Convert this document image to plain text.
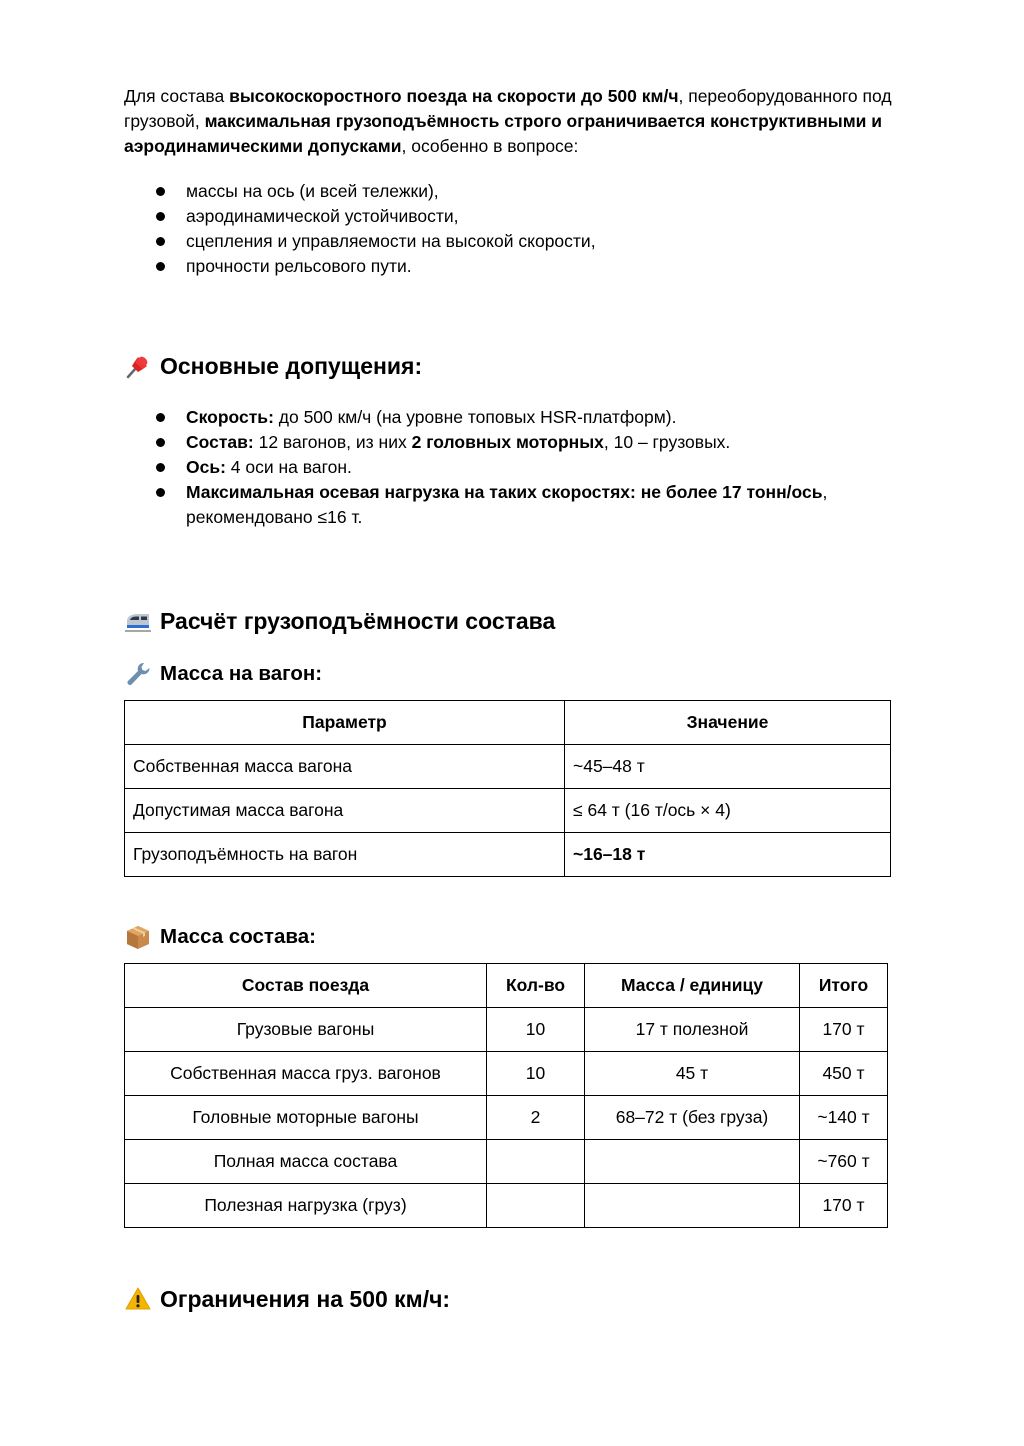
Для состава высокоскоростного поезда на скорости до 500 км/ч, переоборудованного под грузовой, максимальная грузоподъёмность строго ограничивается конструктивными и аэродинамическими допусками, особенно в вопросе:

массы на ось (и всей тележки),
аэродинамической устойчивости,
сцепления и управляемости на высокой скорости,
прочности рельсового пути.
Основные допущения:
Скорость: до 500 км/ч (на уровне топовых HSR-платформ).
Состав: 12 вагонов, из них 2 головных моторных, 10 – грузовых.
Ось: 4 оси на вагон.
Максимальная осевая нагрузка на таких скоростях: не более 17 тонн/ось, рекомендовано ≤16 т.
Расчёт грузоподъёмности состава
Масса на вагон:
Параметр	Значение
Собственная масса вагона	~45–48 т
Допустимая масса вагона	≤ 64 т (16 т/ось × 4)
Грузоподъёмность на вагон	~16–18 т
Масса состава:
Состав поезда	Кол-во	Масса / единицу	Итого
Грузовые вагоны	10	17 т полезной	170 т
Собственная масса груз. вагонов	10	45 т	450 т
Головные моторные вагоны	2	68–72 т (без груза)	~140 т
Полная масса состава			~760 т
Полезная нагрузка (груз)			170 т
Ограничения на 500 км/ч:
